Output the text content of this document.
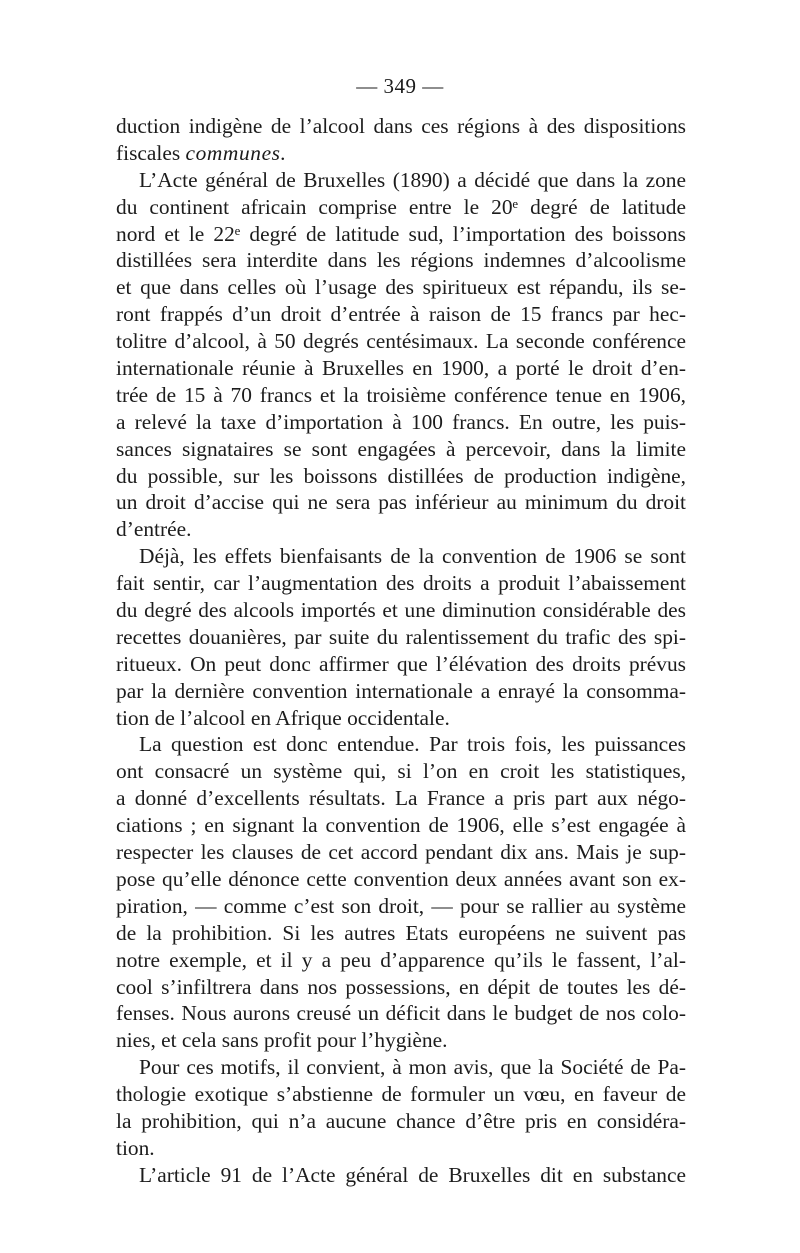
— 349 —
duction indigène de l’alcool dans ces régions à des dispositions
fiscales communes.
L’Acte général de Bruxelles (1890) a décidé que dans la zone
du continent africain comprise entre le 20ᵉ degré de latitude
nord et le 22ᵉ degré de latitude sud, l’importation des boissons
distillées sera interdite dans les régions indemnes d’alcoolisme
et que dans celles où l’usage des spiritueux est répandu, ils se-
ront frappés d’un droit d’entrée à raison de 15 francs par hec-
tolitre d’alcool, à 50 degrés centésimaux. La seconde conférence
internationale réunie à Bruxelles en 1900, a porté le droit d’en-
trée de 15 à 70 francs et la troisième conférence tenue en 1906,
a relevé la taxe d’importation à 100 francs. En outre, les puis-
sances signataires se sont engagées à percevoir, dans la limite
du possible, sur les boissons distillées de production indigène,
un droit d’accise qui ne sera pas inférieur au minimum du droit
d’entrée.
Déjà, les effets bienfaisants de la convention de 1906 se sont
fait sentir, car l’augmentation des droits a produit l’abaissement
du degré des alcools importés et une diminution considérable des
recettes douanières, par suite du ralentissement du trafic des spi-
ritueux. On peut donc affirmer que l’élévation des droits prévus
par la dernière convention internationale a enrayé la consomma-
tion de l’alcool en Afrique occidentale.
La question est donc entendue. Par trois fois, les puissances
ont consacré un système qui, si l’on en croit les statistiques,
a donné d’excellents résultats. La France a pris part aux négo-
ciations ; en signant la convention de 1906, elle s’est engagée à
respecter les clauses de cet accord pendant dix ans. Mais je sup-
pose qu’elle dénonce cette convention deux années avant son ex-
piration, — comme c’est son droit, — pour se rallier au système
de la prohibition. Si les autres Etats européens ne suivent pas
notre exemple, et il y a peu d’apparence qu’ils le fassent, l’al-
cool s’infiltrera dans nos possessions, en dépit de toutes les dé-
fenses. Nous aurons creusé un déficit dans le budget de nos colo-
nies, et cela sans profit pour l’hygiène.
Pour ces motifs, il convient, à mon avis, que la Société de Pa-
thologie exotique s’abstienne de formuler un vœu, en faveur de
la prohibition, qui n’a aucune chance d’être pris en considéra-
tion.
L’article 91 de l’Acte général de Bruxelles dit en substance
